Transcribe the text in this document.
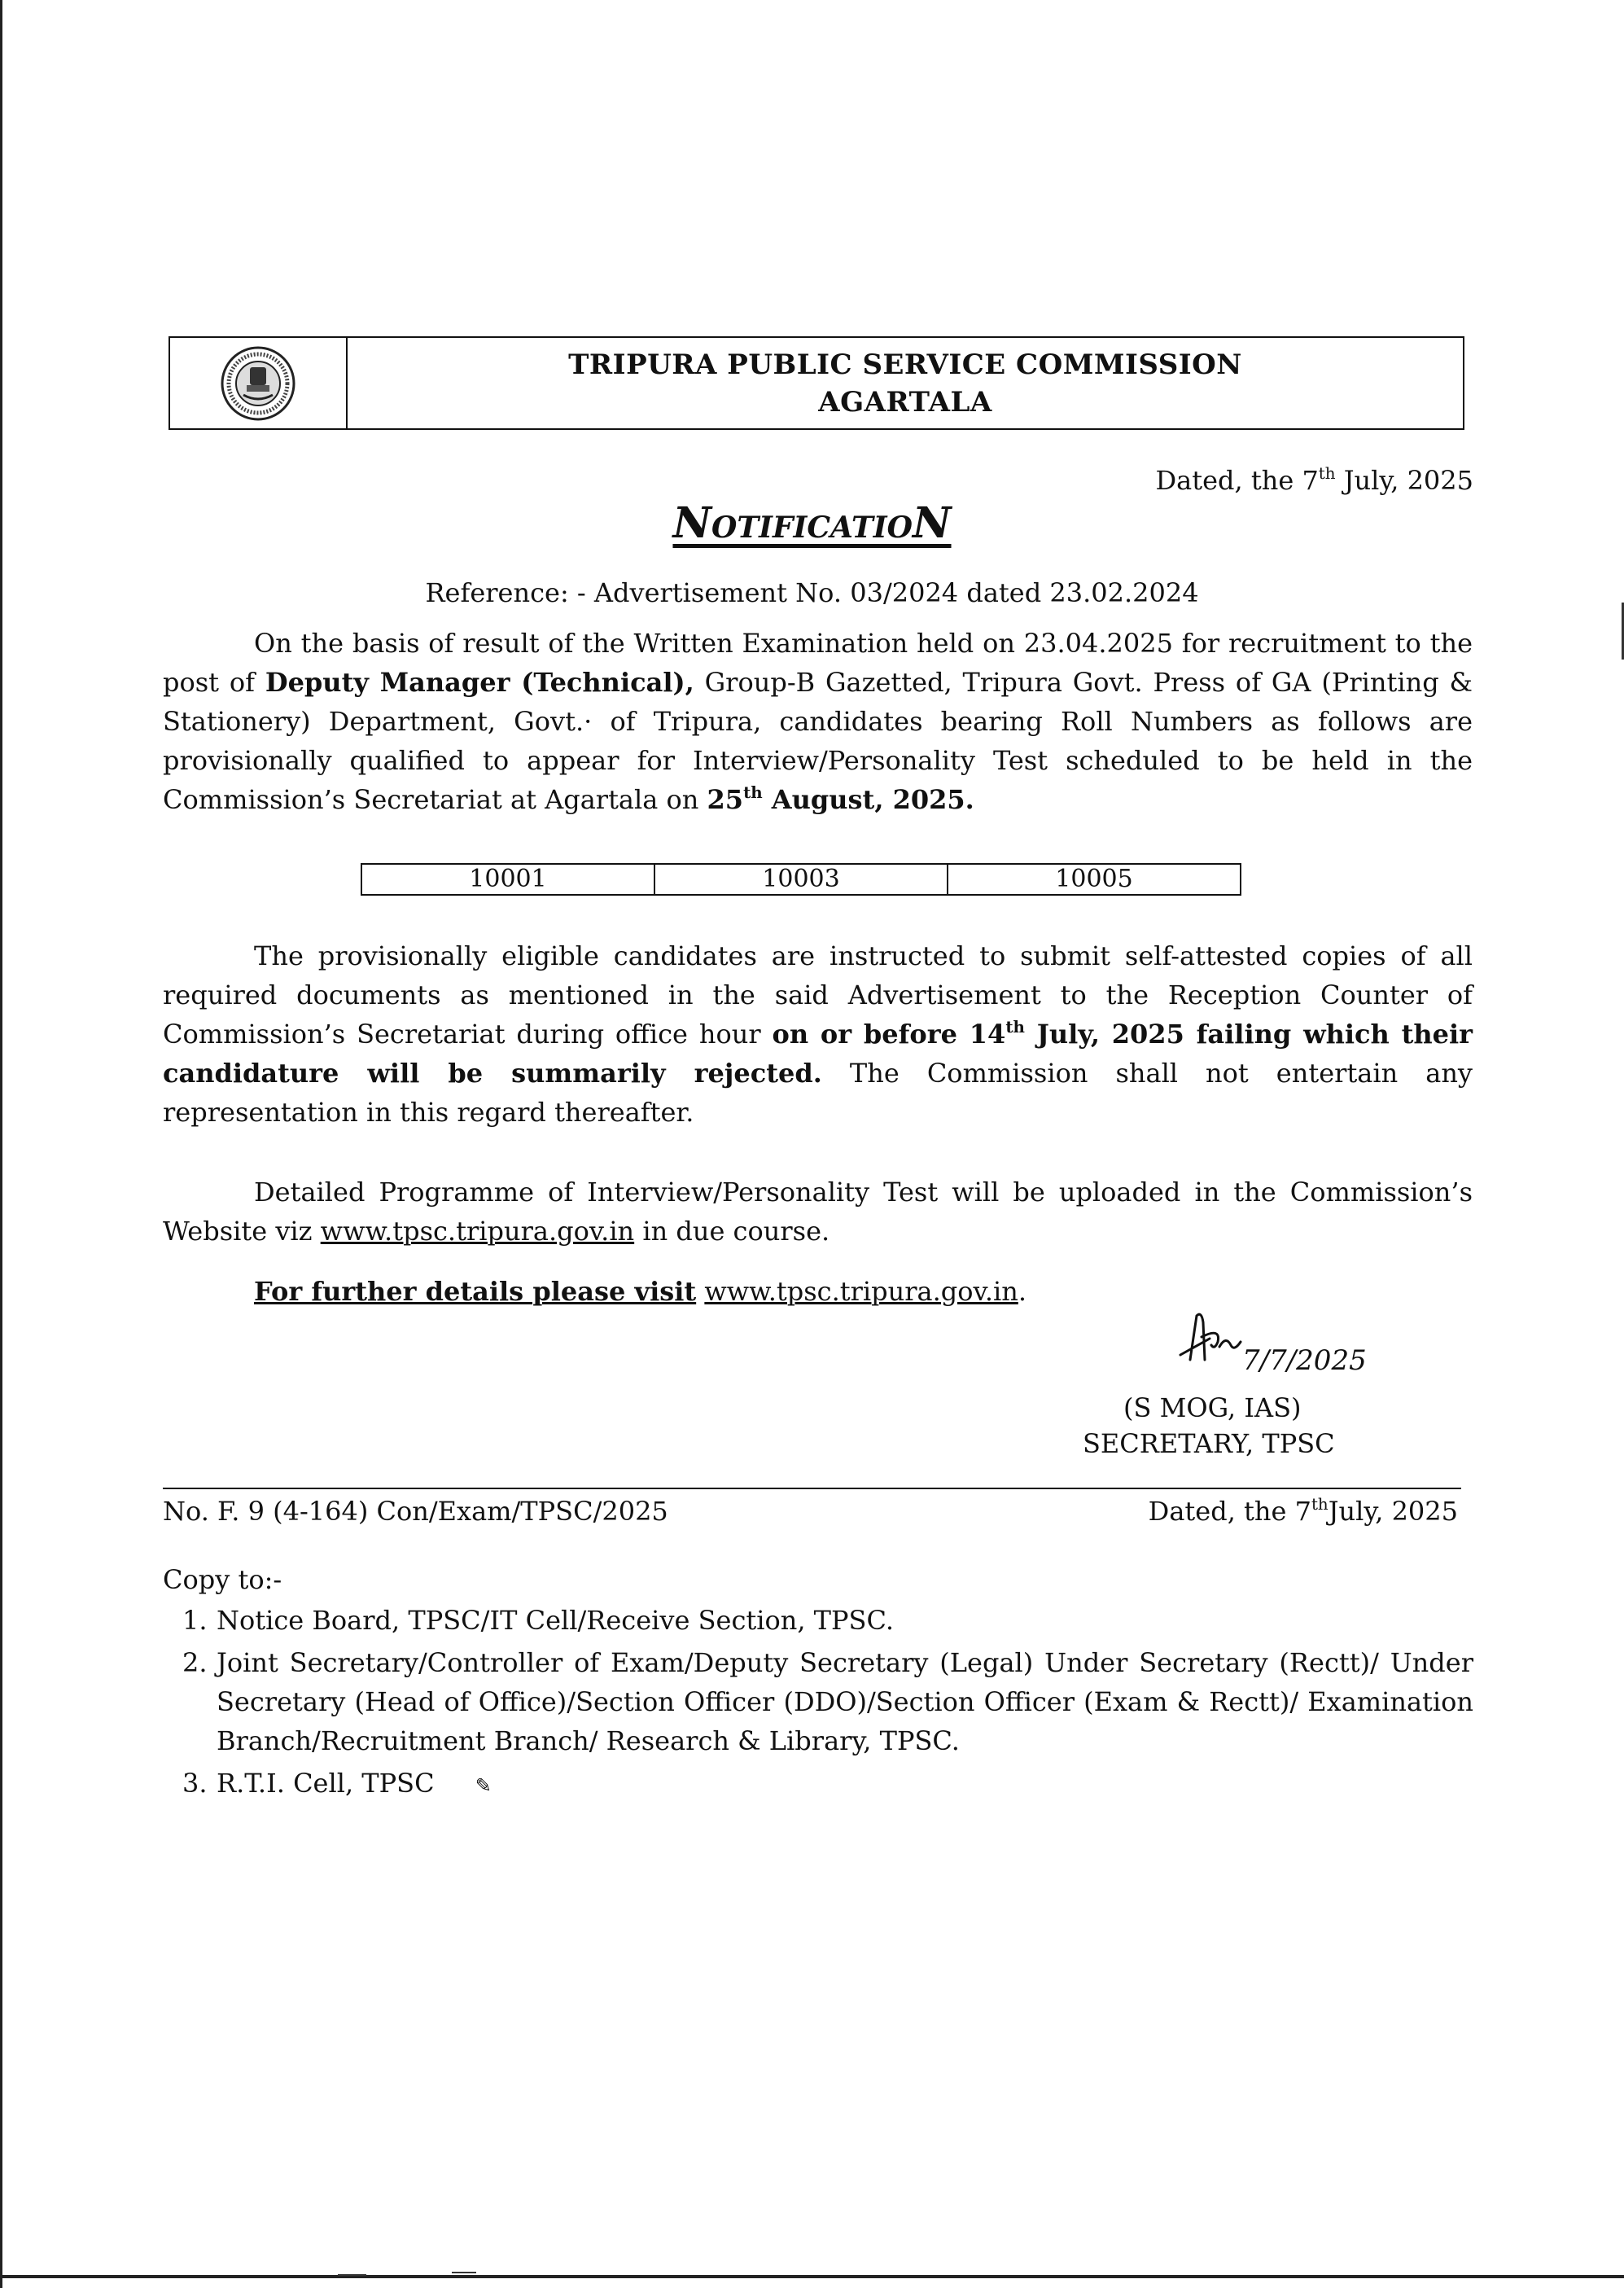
TRIPURA PUBLIC SERVICE COMMISSION
AGARTALA
Dated, the 7th July, 2025
NotificatioN
Reference: - Advertisement No. 03/2024 dated 23.02.2024
On the basis of result of the Written Examination held on 23.04.2025 for recruitment to the
post of Deputy Manager (Technical), Group-B Gazetted, Tripura Govt. Press of GA (Printing &
Stationery) Department, Govt.· of Tripura, candidates bearing Roll Numbers as follows are
provisionally qualified to appear for Interview/Personality Test scheduled to be held in the
Commission’s Secretariat at Agartala on 25th August, 2025.
10001	10003	10005
The provisionally eligible candidates are instructed to submit self-attested copies of all
required documents as mentioned in the said Advertisement to the Reception Counter of
Commission’s Secretariat during office hour on or before 14th July, 2025 failing which their
candidature will be summarily rejected. The Commission shall not entertain any
representation in this regard thereafter.
Detailed Programme of Interview/Personality Test will be uploaded in the Commission’s
Website viz www.tpsc.tripura.gov.in in due course.
For further details please visit www.tpsc.tripura.gov.in.
7/7/2025
(S MOG, IAS)
SECRETARY, TPSC
No. F. 9 (4-164) Con/Exam/TPSC/2025	Dated, the 7thJuly, 2025
Copy to:-
1. Notice Board, TPSC/IT Cell/Receive Section, TPSC.
2. Joint Secretary/Controller of Exam/Deputy Secretary (Legal) Under Secretary (Rectt)/ Under Secretary (Head of Office)/Section Officer (DDO)/Section Officer (Exam & Rectt)/ Examination Branch/Recruitment Branch/ Research & Library, TPSC.
3. R.T.I. Cell, TPSC ✎
